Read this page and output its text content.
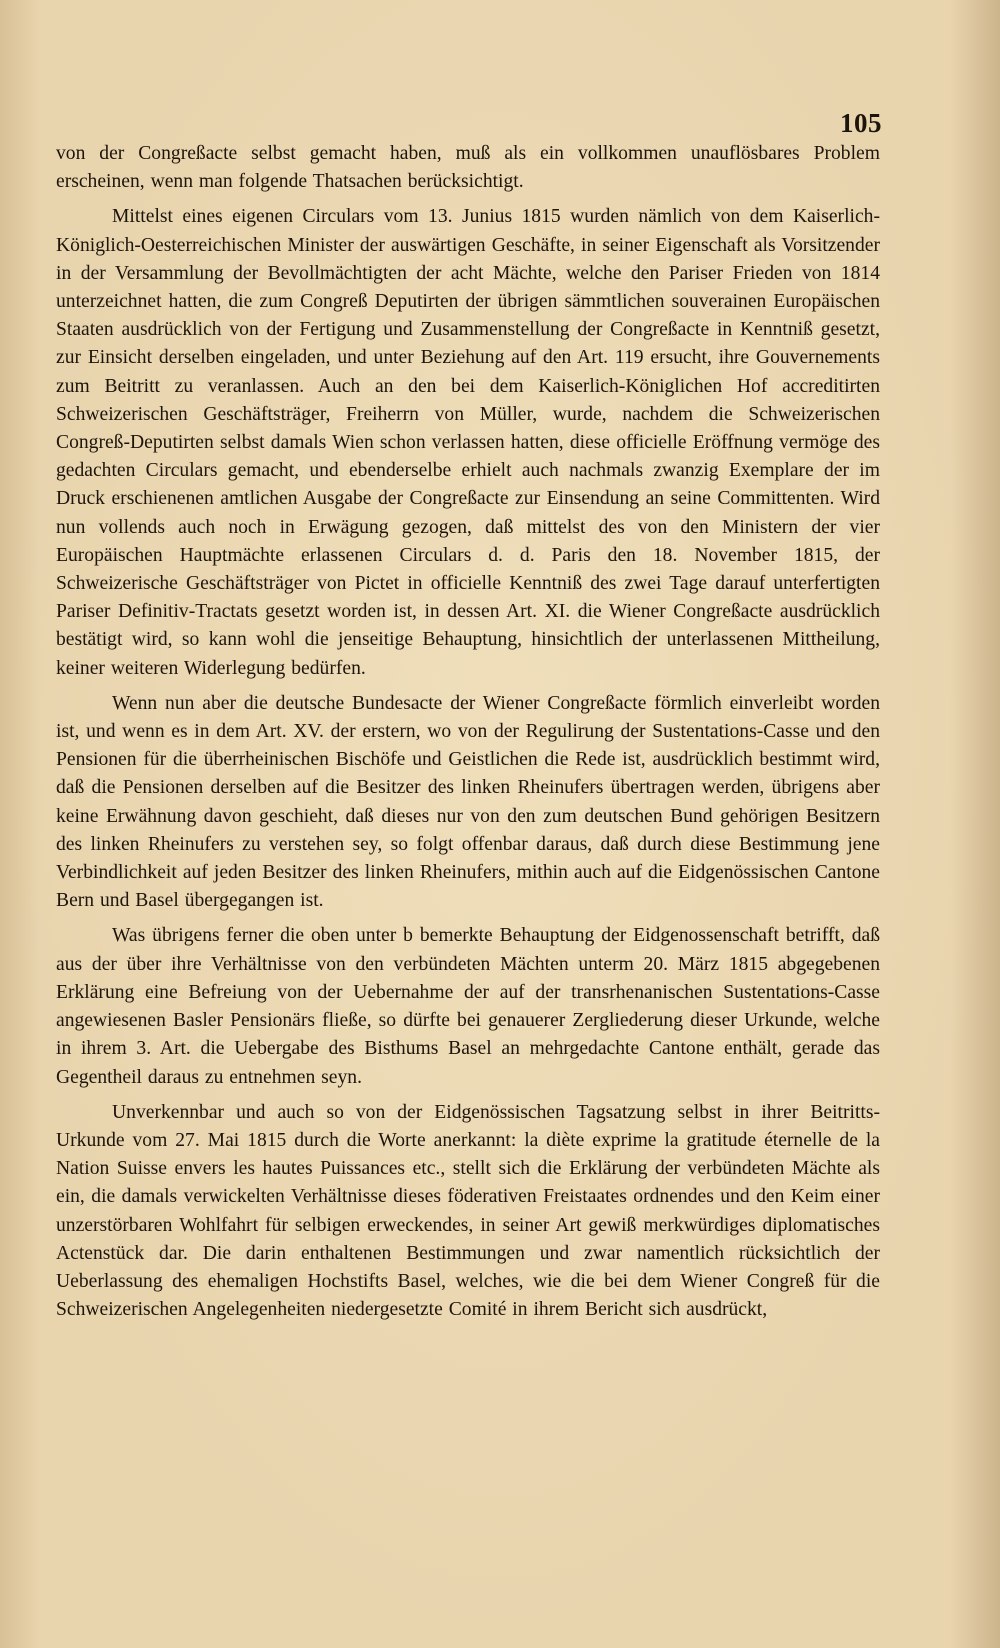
105

von der Congreßacte selbst gemacht haben, muß als ein vollkommen unauflösbares Problem erscheinen, wenn man folgende Thatsachen berücksichtigt.

Mittelst eines eigenen Circulars vom 13. Junius 1815 wurden nämlich von dem Kaiserlich-Königlich-Oesterreichischen Minister der auswärtigen Geschäfte, in seiner Eigenschaft als Vorsitzender in der Versammlung der Bevollmächtigten der acht Mächte, welche den Pariser Frieden von 1814 unterzeichnet hatten, die zum Congreß Deputirten der übrigen sämmtlichen souverainen Europäischen Staaten ausdrücklich von der Fertigung und Zusammenstellung der Congreßacte in Kenntniß gesetzt, zur Einsicht derselben eingeladen, und unter Beziehung auf den Art. 119 ersucht, ihre Gouvernements zum Beitritt zu veranlassen. Auch an den bei dem Kaiserlich-Königlichen Hof accreditirten Schweizerischen Geschäftsträger, Freiherrn von Müller, wurde, nachdem die Schweizerischen Congreß-Deputirten selbst damals Wien schon verlassen hatten, diese officielle Eröffnung vermöge des gedachten Circulars gemacht, und ebenderselbe erhielt auch nachmals zwanzig Exemplare der im Druck erschienenen amtlichen Ausgabe der Congreßacte zur Einsendung an seine Committenten. Wird nun vollends auch noch in Erwägung gezogen, daß mittelst des von den Ministern der vier Europäischen Hauptmächte erlassenen Circulars d. d. Paris den 18. November 1815, der Schweizerische Geschäftsträger von Pictet in officielle Kenntniß des zwei Tage darauf unterfertigten Pariser Definitiv-Tractats gesetzt worden ist, in dessen Art. XI. die Wiener Congreßacte ausdrücklich bestätigt wird, so kann wohl die jenseitige Behauptung, hinsichtlich der unterlassenen Mittheilung, keiner weiteren Widerlegung bedürfen.

Wenn nun aber die deutsche Bundesacte der Wiener Congreßacte förmlich einverleibt worden ist, und wenn es in dem Art. XV. der erstern, wo von der Regulirung der Sustentations-Casse und den Pensionen für die überrheinischen Bischöfe und Geistlichen die Rede ist, ausdrücklich bestimmt wird, daß die Pensionen derselben auf die Besitzer des linken Rheinufers übertragen werden, übrigens aber keine Erwähnung davon geschieht, daß dieses nur von den zum deutschen Bund gehörigen Besitzern des linken Rheinufers zu verstehen sey, so folgt offenbar daraus, daß durch diese Bestimmung jene Verbindlichkeit auf jeden Besitzer des linken Rheinufers, mithin auch auf die Eidgenössischen Cantone Bern und Basel übergegangen ist.

Was übrigens ferner die oben unter b bemerkte Behauptung der Eidgenossenschaft betrifft, daß aus der über ihre Verhältnisse von den verbündeten Mächten unterm 20. März 1815 abgegebenen Erklärung eine Befreiung von der Uebernahme der auf der transrhenanischen Sustentations-Casse angewiesenen Basler Pensionärs fließe, so dürfte bei genauerer Zergliederung dieser Urkunde, welche in ihrem 3. Art. die Uebergabe des Bisthums Basel an mehrgedachte Cantone enthält, gerade das Gegentheil daraus zu entnehmen seyn.

Unverkennbar und auch so von der Eidgenössischen Tagsatzung selbst in ihrer Beitritts-Urkunde vom 27. Mai 1815 durch die Worte anerkannt: la diète exprime la gratitude éternelle de la Nation Suisse envers les hautes Puissances etc., stellt sich die Erklärung der verbündeten Mächte als ein, die damals verwickelten Verhältnisse dieses föderativen Freistaates ordnendes und den Keim einer unzerstörbaren Wohlfahrt für selbigen erweckendes, in seiner Art gewiß merkwürdiges diplomatisches Actenstück dar. Die darin enthaltenen Bestimmungen und zwar namentlich rücksichtlich der Ueberlassung des ehemaligen Hochstifts Basel, welches, wie die bei dem Wiener Congreß für die Schweizerischen Angelegenheiten niedergesetzte Comité in ihrem Bericht sich ausdrückt,
